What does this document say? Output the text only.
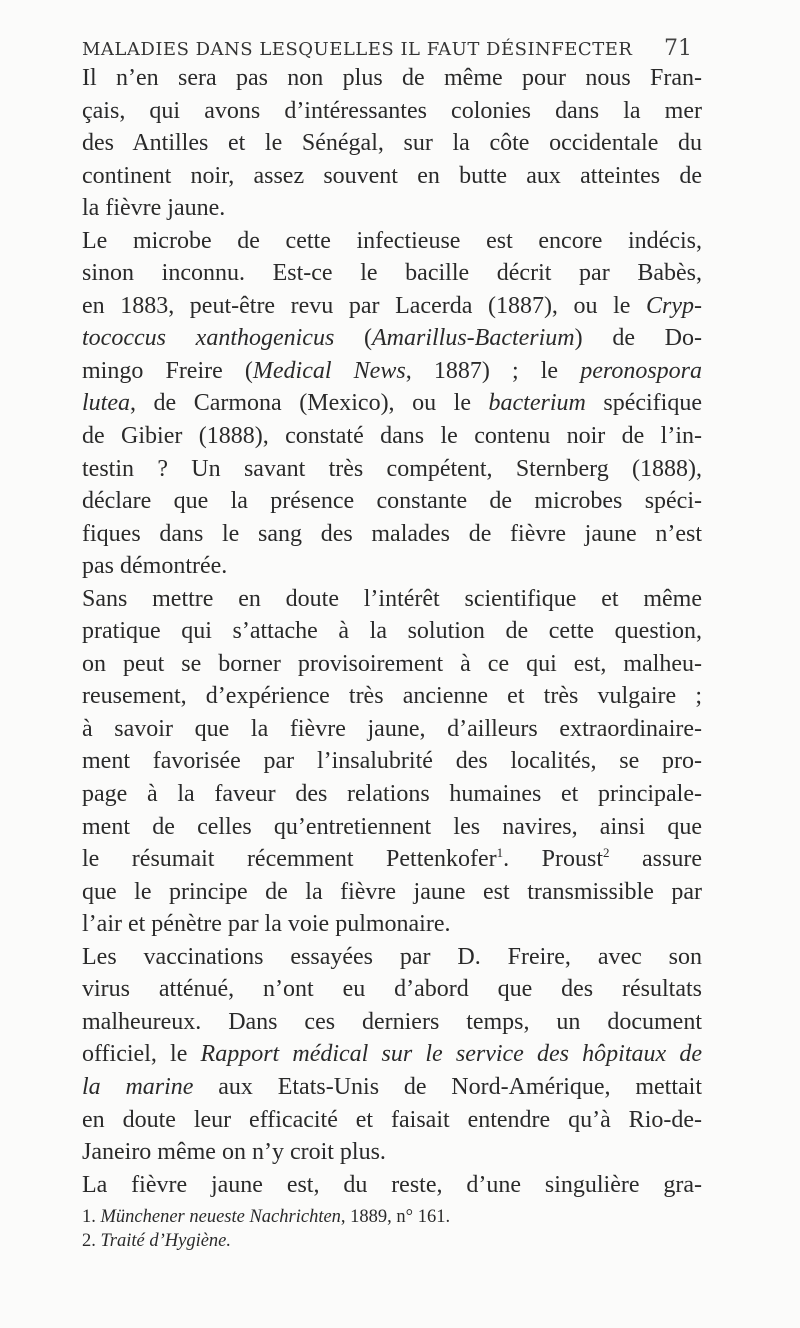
MALADIES DANS LESQUELLES IL FAUT DÉSINFECTER 71
Il n’en sera pas non plus de même pour nous Fran-
çais, qui avons d’intéressantes colonies dans la mer
des Antilles et le Sénégal, sur la côte occidentale du
continent noir, assez souvent en butte aux atteintes de
la fièvre jaune.
Le microbe de cette infectieuse est encore indécis,
sinon inconnu. Est-ce le bacille décrit par Babès,
en 1883, peut-être revu par Lacerda (1887), ou le Cryp-
tococcus xanthogenicus (Amarillus-Bacterium) de Do-
mingo Freire (Medical News, 1887) ; le peronospora
lutea, de Carmona (Mexico), ou le bacterium spécifique
de Gibier (1888), constaté dans le contenu noir de l’in-
testin ? Un savant très compétent, Sternberg (1888),
déclare que la présence constante de microbes spéci-
fiques dans le sang des malades de fièvre jaune n’est
pas démontrée.
Sans mettre en doute l’intérêt scientifique et même
pratique qui s’attache à la solution de cette question,
on peut se borner provisoirement à ce qui est, malheu-
reusement, d’expérience très ancienne et très vulgaire ;
à savoir que la fièvre jaune, d’ailleurs extraordinaire-
ment favorisée par l’insalubrité des localités, se pro-
page à la faveur des relations humaines et principale-
ment de celles qu’entretiennent les navires, ainsi que
le résumait récemment Pettenkofer$^1$. Proust$^2$ assure
que le principe de la fièvre jaune est transmissible par
l’air et pénètre par la voie pulmonaire.
Les vaccinations essayées par D. Freire, avec son
virus atténué, n’ont eu d’abord que des résultats
malheureux. Dans ces derniers temps, un document
officiel, le Rapport médical sur le service des hôpitaux de
la marine aux Etats-Unis de Nord-Amérique, mettait
en doute leur efficacité et faisait entendre qu’à Rio-de-
Janeiro même on n’y croit plus.
La fièvre jaune est, du reste, d’une singulière gra-
1. Münchener neueste Nachrichten, 1889, n° 161.
2. Traité d’Hygiène.
